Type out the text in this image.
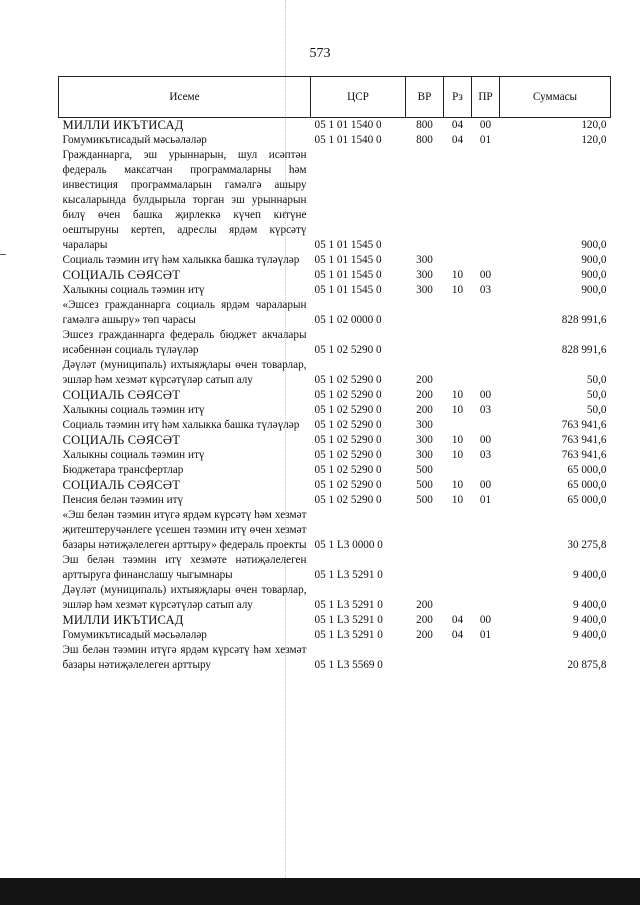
573
Исеме	ЦСР	ВР	Рз	ПР	Суммасы
МИЛЛИ ИКЪТИСАД	05 1 01 1540 0	800	04	00	120,0
Гомумикътисадый мәсьәләләр	05 1 01 1540 0	800	04	01	120,0
Гражданнарга, эш урыннарын, шул исәптән федераль максатчан программаларны һәм инвестиция программаларын гамәлгә ашыру кысаларында булдырыла торган эш урыннарын билү өчен башка җирлеккә күчеп китүне оештыруны кертеп, адреслы ярдәм күрсәтү чаралары	05 1 01 1545 0				900,0
Социаль тәэмин итү һәм халыкка башка түләүләр	05 1 01 1545 0	300			900,0
СОЦИАЛЬ СӘЯСӘТ	05 1 01 1545 0	300	10	00	900,0
Халыкны социаль тәэмин итү	05 1 01 1545 0	300	10	03	900,0
«Эшсез гражданнарга социаль ярдәм чараларын гамәлгә ашыру» төп чарасы	05 1 02 0000 0				828 991,6
Эшсез гражданнарга федераль бюджет акчалары исәбеннән социаль түләүләр	05 1 02 5290 0				828 991,6
Дәүләт (муниципаль) ихтыяҗлары өчен товарлар, эшләр һәм хезмәт күрсәтүләр сатып алу	05 1 02 5290 0	200			50,0
СОЦИАЛЬ СӘЯСӘТ	05 1 02 5290 0	200	10	00	50,0
Халыкны социаль тәэмин итү	05 1 02 5290 0	200	10	03	50,0
Социаль тәэмин итү һәм халыкка башка түләүләр	05 1 02 5290 0	300			763 941,6
СОЦИАЛЬ СӘЯСӘТ	05 1 02 5290 0	300	10	00	763 941,6
Халыкны социаль тәэмин итү	05 1 02 5290 0	300	10	03	763 941,6
Бюджетара трансфертлар	05 1 02 5290 0	500			65 000,0
СОЦИАЛЬ СӘЯСӘТ	05 1 02 5290 0	500	10	00	65 000,0
Пенсия белән тәэмин итү	05 1 02 5290 0	500	10	01	65 000,0
«Эш белән тәэмин итүгә ярдәм күрсәтү һәм хезмәт җитештеручәнлеге үсешен тәэмин итү өчен хезмәт базары нәтиҗәлелеген арттыру» федераль проекты	05 1 L3 0000 0				30 275,8
Эш белән тәэмин итү хезмәте нәтиҗәлелеген арттыруга финанслашу чыгымнары	05 1 L3 5291 0				9 400,0
Дәүләт (муниципаль) ихтыяҗлары өчен товарлар, эшләр һәм хезмәт күрсәтүләр сатып алу	05 1 L3 5291 0	200			9 400,0
МИЛЛИ ИКЪТИСАД	05 1 L3 5291 0	200	04	00	9 400,0
Гомумикътисадый мәсьәләләр	05 1 L3 5291 0	200	04	01	9 400,0
Эш белән тәэмин итүгә ярдәм күрсәтү һәм хезмәт базары нәтиҗәлелеген арттыру	05 1 L3 5569 0				20 875,8
